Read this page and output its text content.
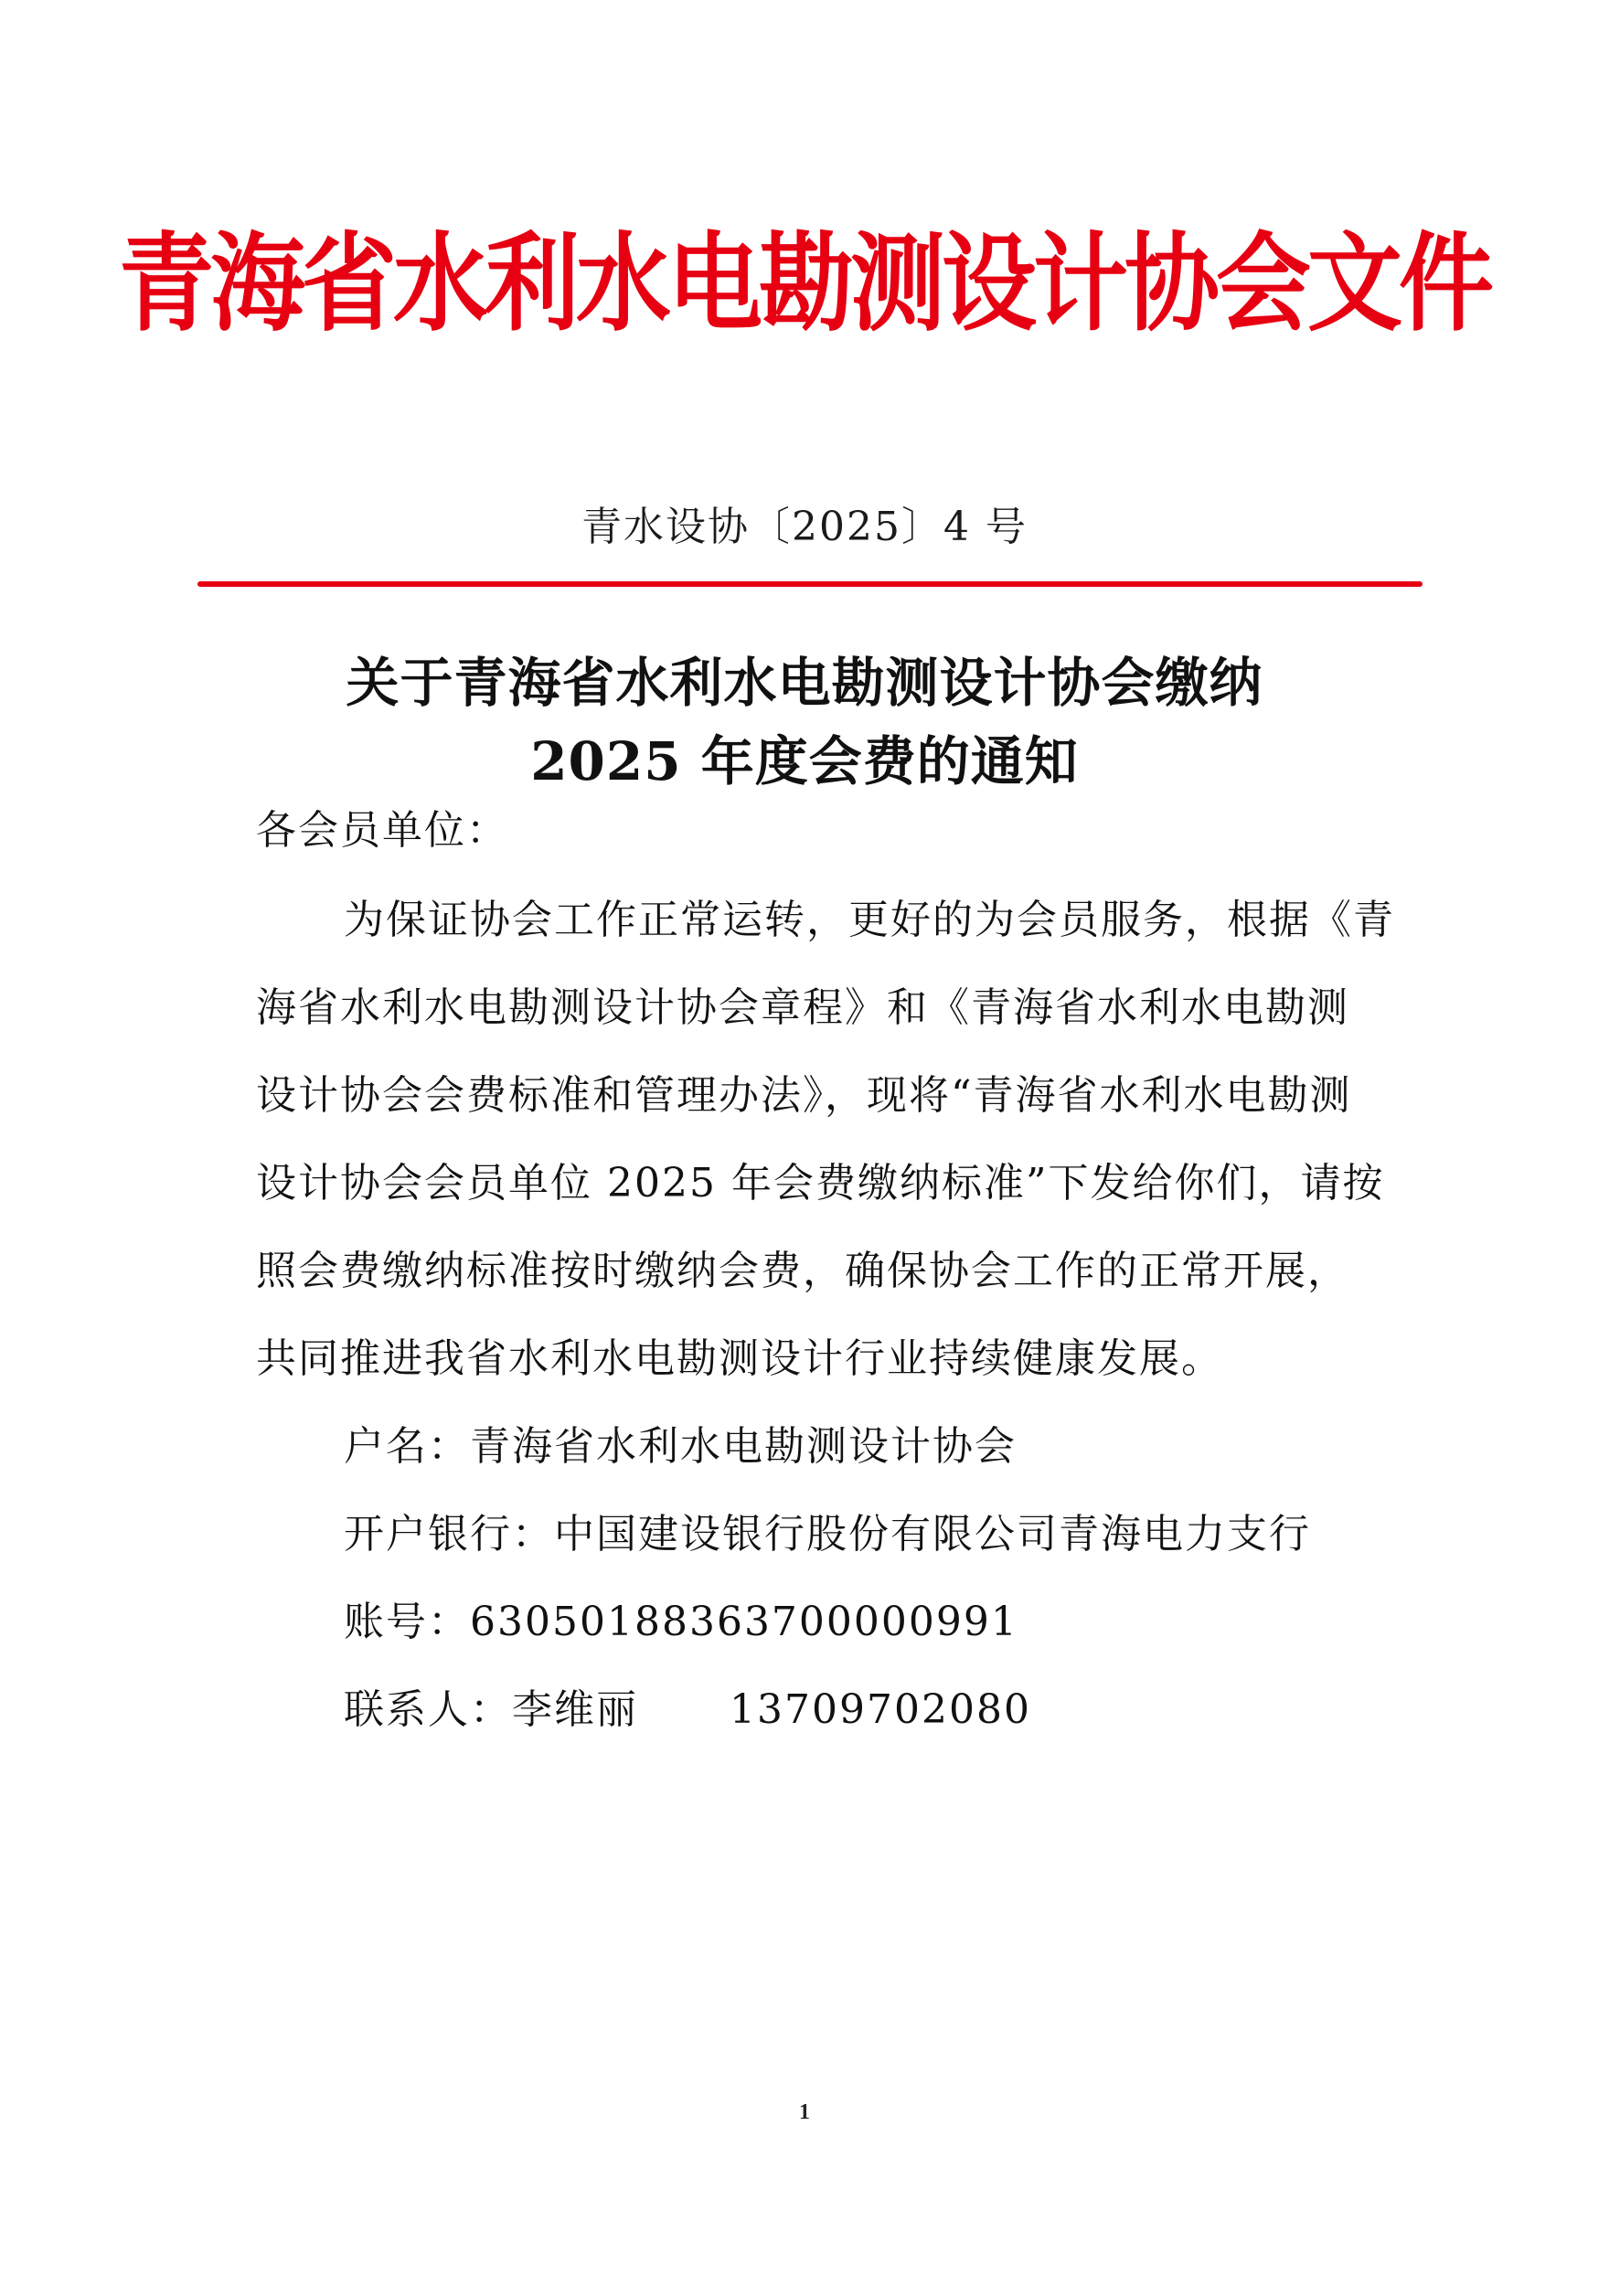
青海省水利水电勘测设计协会文件
青水设协〔2025〕4 号
关于青海省水利水电勘测设计协会缴纳
2025 年度会费的通知
各会员单位：
为保证协会工作正常运转，更好的为会员服务，根据《青
海省水利水电勘测设计协会章程》和《青海省水利水电勘测
设计协会会费标准和管理办法》，现将“青海省水利水电勘测
设计协会会员单位 2025 年会费缴纳标准”下发给你们，请按
照会费缴纳标准按时缴纳会费，确保协会工作的正常开展，
共同推进我省水利水电勘测设计行业持续健康发展。
户名：青海省水利水电勘测设计协会
开户银行：中国建设银行股份有限公司青海电力支行
账号：63050188363700000991
联系人：李维丽 13709702080
1
